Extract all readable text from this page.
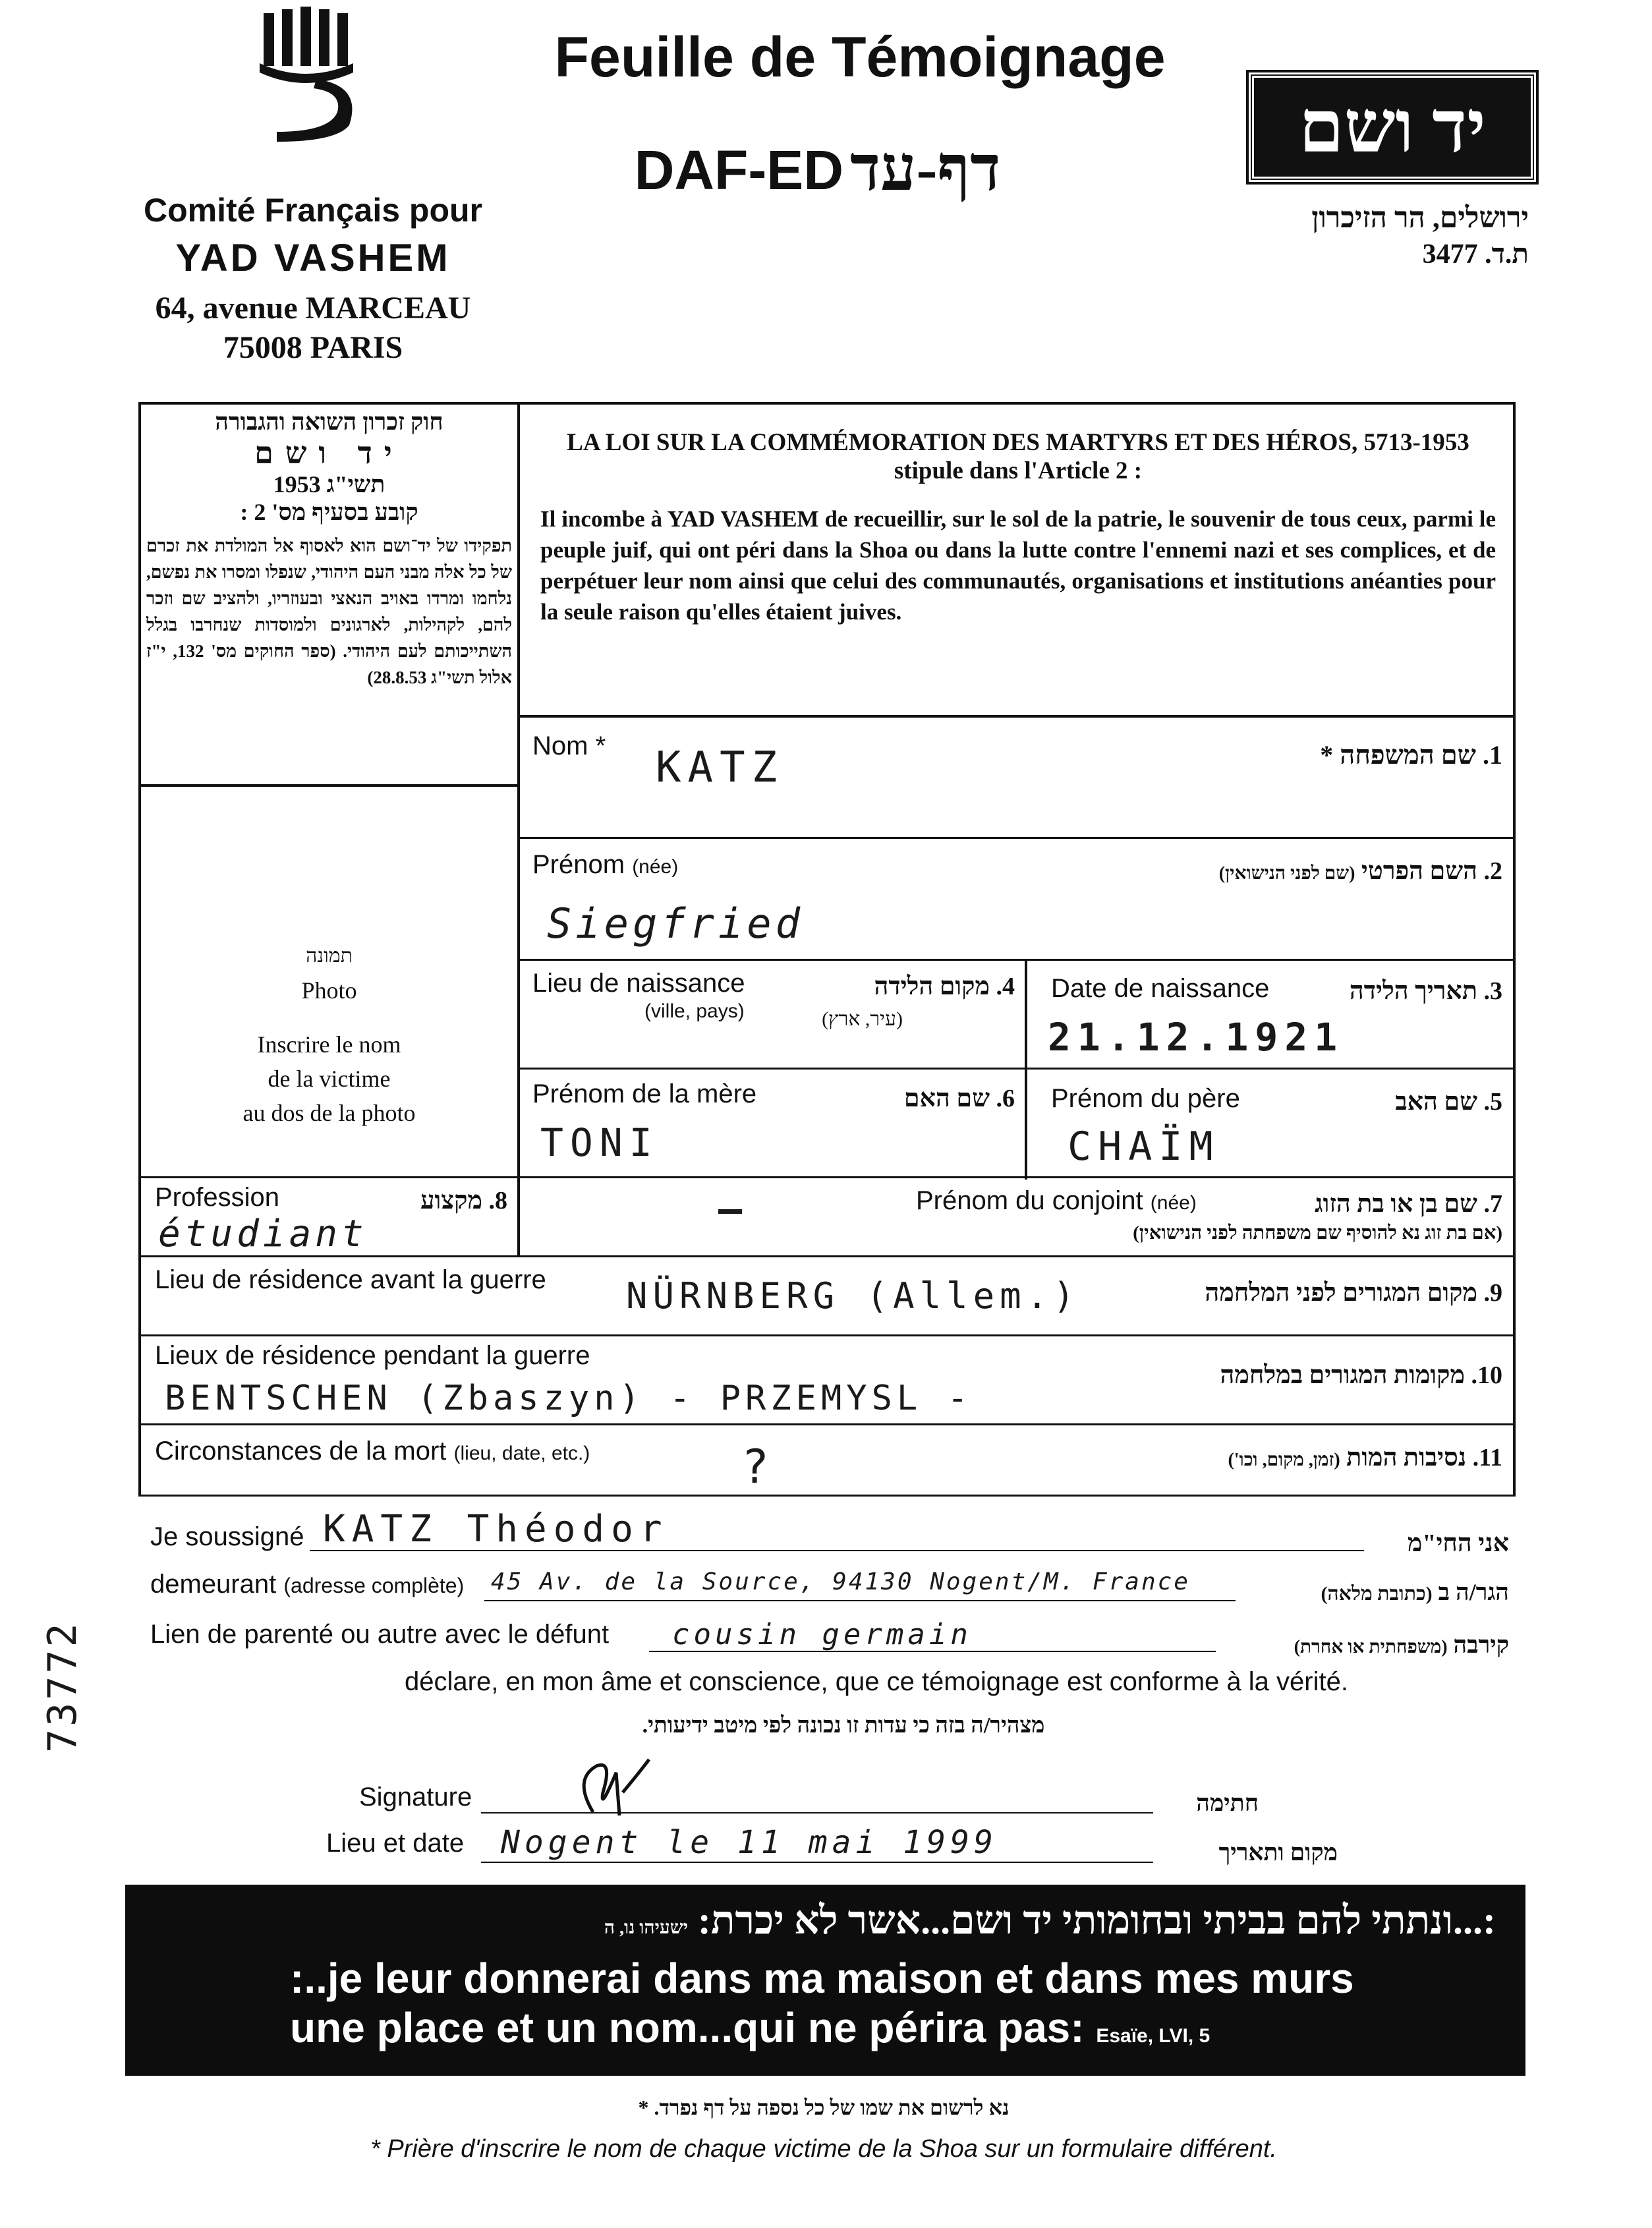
Comité Français pour
YAD VASHEM
64, avenue MARCEAU
75008 PARIS
Feuille de Témoignage
DAF-ED דף-עד
יד ושם
ירושלים, הר הזיכרון
ת.ד. 3477
חוק זכרון השואה והגבורה
יד ושם
תשי"ג 1953
קובע בסעיף מס' 2 :
תפקידו של יד־ושם הוא לאסוף אל המולדת את זכרם של כל אלה מבני העם היהודי, שנפלו ומסרו את נפשם, נלחמו ומרדו באויב הנאצי ובעוזריו, ולהציב שם וזכר להם, לקהילות, לארגונים ולמוסדות שנחרבו בגלל השתייכותם לעם היהודי. (ספר החוקים מס' 132, י"ז אלול תשי"ג 28.8.53)
LA LOI SUR LA COMMÉMORATION DES MARTYRS ET DES HÉROS, 5713-1953
stipule dans l'Article 2 :
Il incombe à YAD VASHEM de recueillir, sur le sol de la patrie, le souvenir de tous ceux, parmi le peuple juif, qui ont péri dans la Shoa ou dans la lutte contre l'ennemi nazi et ses complices, et de perpétuer leur nom ainsi que celui des communautés, organisations et institutions anéanties pour la seule raison qu'elles étaient juives.
תמונה
Photo
Inscrire le nom
de la victime
au dos de la photo
Nom *	1. שם המשפחה *
KATZ
Prénom (née)	2. השם הפרטי (שם לפני הנישואין)
Siegfried
Lieu de naissance
(ville, pays)
4. מקום הלידה
(עיר, ארץ)
Date de naissance	3. תאריך הלידה
21.12.1921
Prénom de la mère	6. שם האם
TONI
Prénom du père	5. שם האב
CHAÏM
Profession	8. מקצוע
étudiant
Prénom du conjoint (née)	7. שם בן או בת הזוג
(אם בת זוג נא להוסיף שם משפחתה לפני הנישואין)
—
Lieu de résidence avant la guerre	9. מקום המגורים לפני המלחמה
NÜRNBERG (Allem.)
Lieux de résidence pendant la guerre
10. מקומות המגורים במלחמה
BENTSCHEN (Zbaszyn) - PRZEMYSL -
Circonstances de la mort (lieu, date, etc.)	11. נסיבות המות (זמן, מקום, וכו')
?
Je soussigné KATZ Théodor	אני החי"מ
demeurant (adresse complète) 45 Av. de la Source, 94130 Nogent/M. France	הגר/ה ב (כתובת מלאה)
Lien de parenté ou autre avec le défunt cousin germain	קירבה (משפחתית או אחרת)
déclare, en mon âme et conscience, que ce témoignage est conforme à la vérité.
מצהיר/ה בזה כי עדות זו נכונה לפי מיטב ידיעותי.
Signature	חתימה
Lieu et date Nogent le 11 mai 1999	מקום ותאריך
73772
:...ונתתי להם בביתי ובחומותי יד ושם...אשר לא יכרת: ישעיהו נו, ה
:..je leur donnerai dans ma maison et dans mes murs
une place et un nom...qui ne périra pas: Esaïe, LVI, 5
נא לרשום את שמו של כל נספה על דף נפרד. *
* Prière d'inscrire le nom de chaque victime de la Shoa sur un formulaire différent.
